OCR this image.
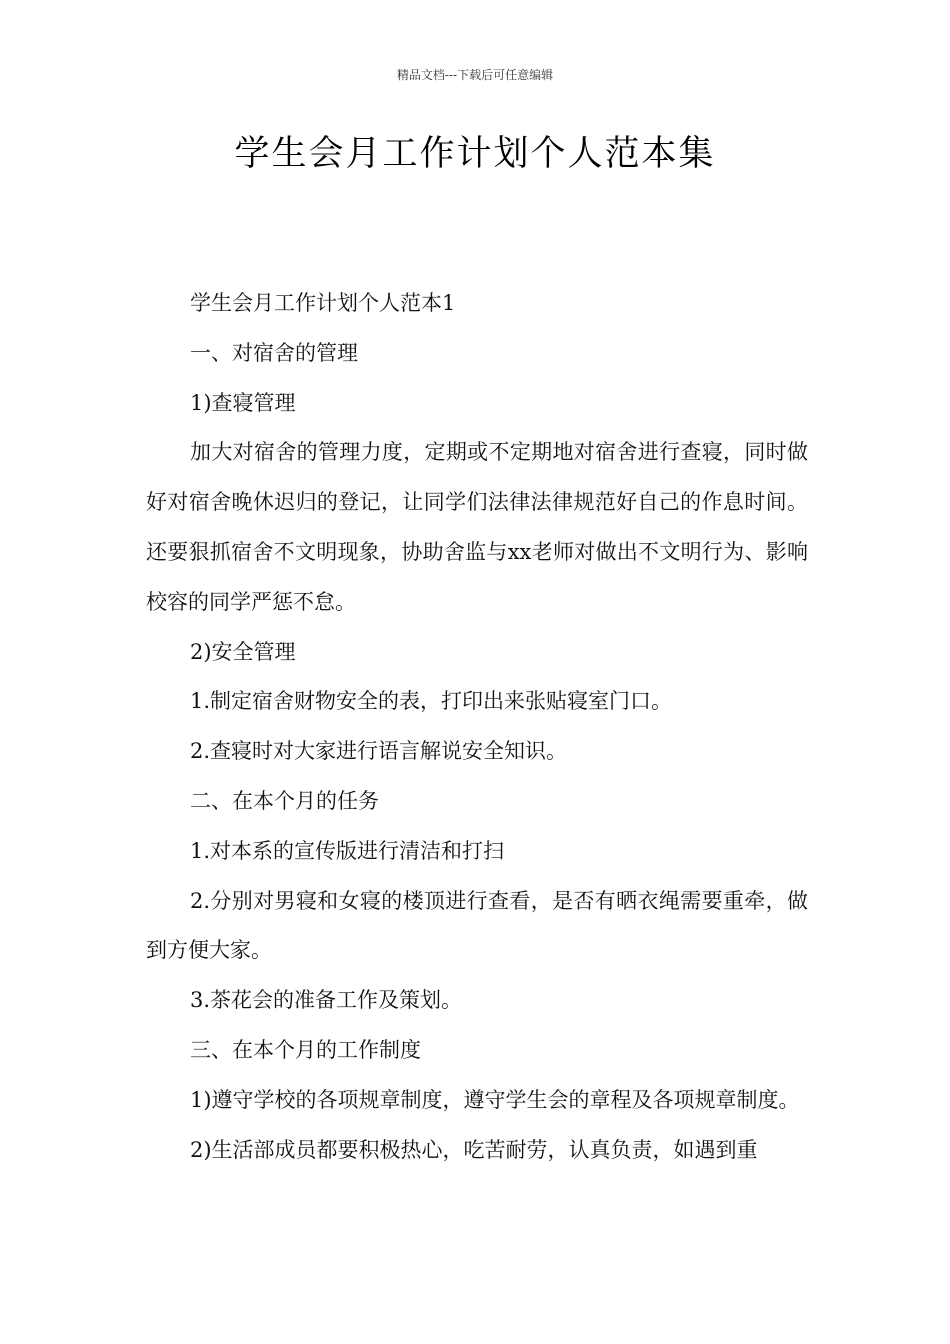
精品文档---下载后可任意编辑
学生会月工作计划个人范本集

学生会月工作计划个人范本1

一、对宿舍的管理

1)查寝管理

加大对宿舍的管理力度，定期或不定期地对宿舍进行查寝，同时做好对宿舍晚休迟归的登记，让同学们法律法律规范好自己的作息时间。还要狠抓宿舍不文明现象，协助舍监与xx老师对做出不文明行为、影响校容的同学严惩不怠。

2)安全管理

1.制定宿舍财物安全的表，打印出来张贴寝室门口。

2.查寝时对大家进行语言解说安全知识。

二、在本个月的任务

1.对本系的宣传版进行清洁和打扫

2.分别对男寝和女寝的楼顶进行查看，是否有晒衣绳需要重牵，做到方便大家。

3.茶花会的准备工作及策划。

三、在本个月的工作制度

1)遵守学校的各项规章制度，遵守学生会的章程及各项规章制度。

2)生活部成员都要积极热心，吃苦耐劳，认真负责，如遇到重
